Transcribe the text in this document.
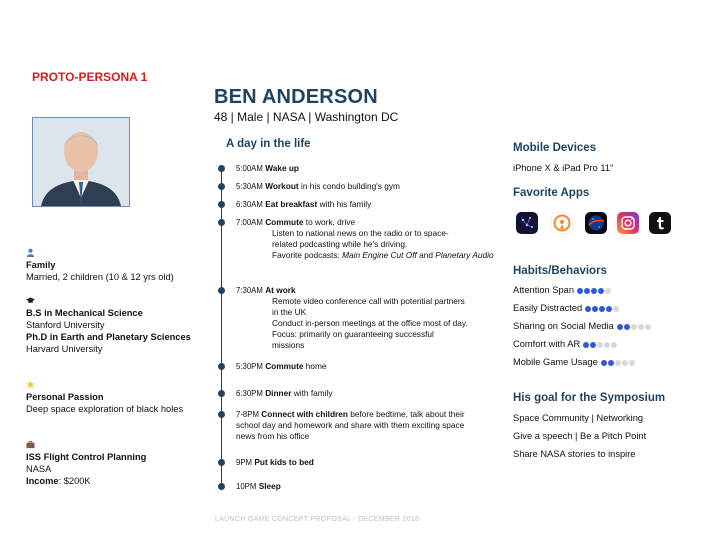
PROTO-PERSONA 1
BEN ANDERSON
48 | Male | NASA | Washington DC
Family
Married, 2 children (10 & 12 yrs old)
B.S in Mechanical Science
Stanford University
Ph.D in Earth and Planetary Sciences
Harvard University
Personal Passion
Deep space exploration of black holes
ISS Flight Control Planning
NASA
Income: $200K
A day in the life
5:00AM Wake up
5:30AM Workout in his condo building's gym
6:30AM Eat breakfast with his family
7:00AM Commute to work, drive

Listen to national news on the radio or to space-
related podcasting while he's driving.
Favorite podcasts: Main Engine Cut Off and Planetary Audio
7:30AM At work

Remote video conference call with potential partners
in the UK
Conduct in-person meetings at the office most of day.
Focus: primarily on guaranteeing successful
missions
5:30PM Commute home
6:30PM Dinner with family
7-8PM Connect with children before bedtime, talk about their
school day and homework and share with them exciting space
news from his office
9PM Put kids to bed
10PM Sleep
Mobile Devices
iPhone X & iPad Pro 11"
Favorite Apps
Habits/Behaviors
Attention Span
Easily Distracted
Sharing on Social Media
Comfort with AR
Mobile Game Usage
His goal for the Symposium
Space Community | Networking
Give a speech | Be a Pitch Point
Share NASA stories to inspire
LAUNCH GAME CONCEPT PROPOSAL - DECEMBER 2018
